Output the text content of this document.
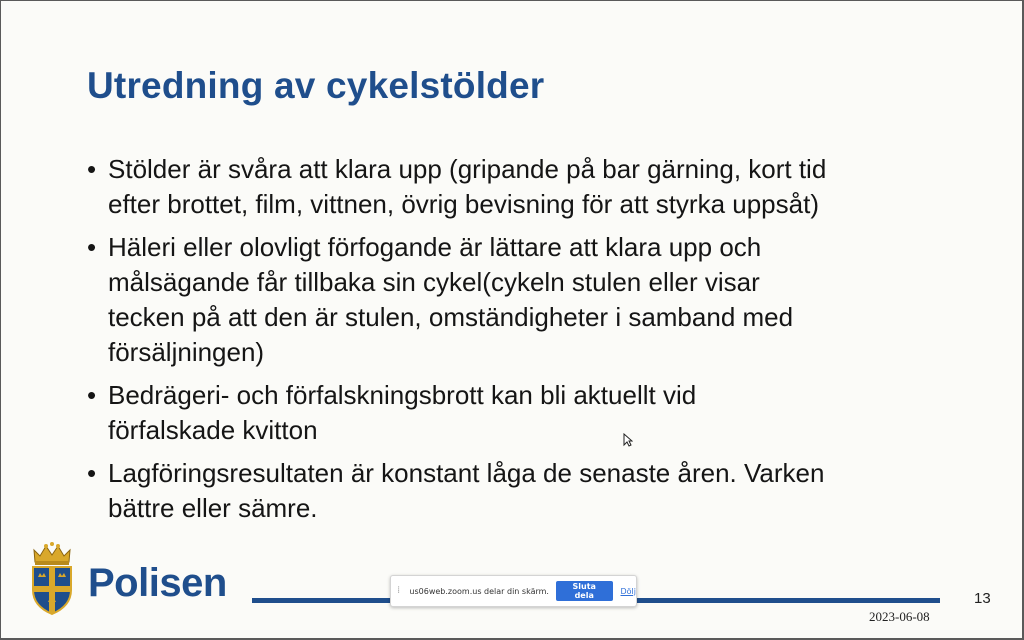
Utredning av cykelstölder
• Stölder är svåra att klara upp (gripande på bar gärning, kort tid
efter brottet, film, vittnen, övrig bevisning för att styrka uppsåt)
• Häleri eller olovligt förfogande är lättare att klara upp och
målsägande får tillbaka sin cykel(cykeln stulen eller visar
tecken på att den är stulen, omständigheter i samband med
försäljningen)
• Bedrägeri- och förfalskningsbrott kan bli aktuellt vid
förfalskade kvitton
• Lagföringsresultaten är konstant låga de senaste åren. Varken
bättre eller sämre.
Polisen	13
2023-06-08
⁞	us06web.zoom.us delar din skärm.	Sluta dela	Dölj
